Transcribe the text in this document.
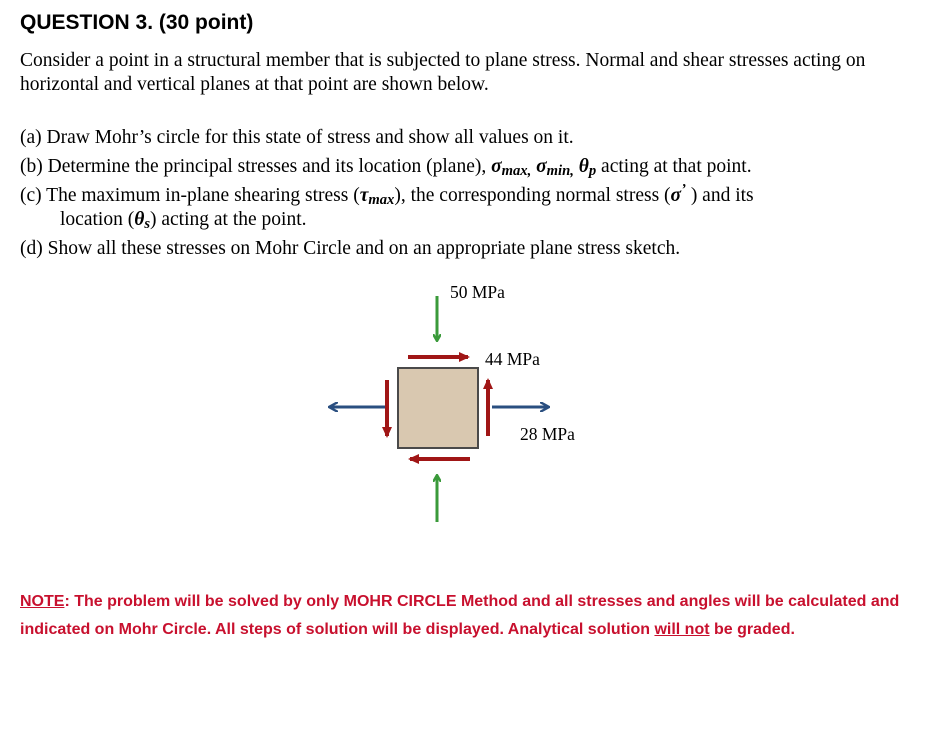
QUESTION 3. (30 point)
Consider a point in a structural member that is subjected to plane stress. Normal and shear stresses acting on horizontal and vertical planes at that point are shown below.

(a) Draw Mohr’s circle for this state of stress and show all values on it.

(b) Determine the principal stresses and its location (plane), $\sigma_{max,}$ $\sigma_{min,}$ $\theta_p$ acting at that point.

(c) The maximum in-plane shearing stress $(\tau_{max})$, the corresponding normal stress (σ’ ) and its

location $(\theta_s)$ acting at the point.

(d) Show all these stresses on Mohr Circle and on an appropriate plane stress sketch.

50 MPa
44 MPa
28 MPa
NOTE: The problem will be solved by only MOHR CIRCLE Method and all stresses and angles will be calculated and indicated on Mohr Circle. All steps of solution will be displayed. Analytical solution will not be graded.
